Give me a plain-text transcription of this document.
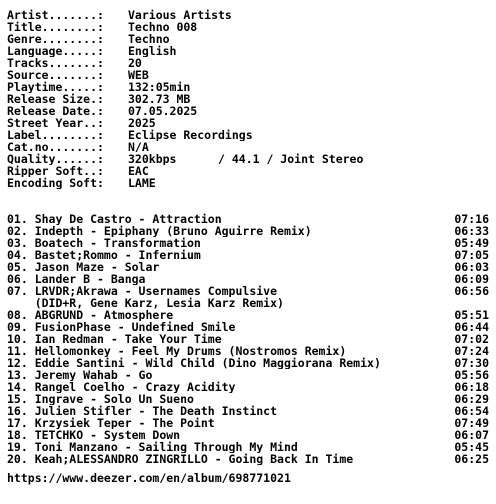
Artist.......: Various Artists
Title........: Techno 008
Genre........: Techno
Language.....: English
Tracks.......: 20
Source.......: WEB
Playtime.....: 132:05min
Release Size.: 302.73 MB
Release Date.: 07.05.2025
Street Year..: 2025
Label........: Eclipse Recordings
Cat.no.......: N/A
Quality......: 320kbps      / 44.1 / Joint Stereo
Ripper Soft..: EAC
Encoding Soft: LAME
01. Shay De Castro - Attraction	07:16
02. Indepth - Epiphany (Bruno Aguirre Remix)	06:33
03. Boatech - Transformation	05:49
04. Bastet;Rommo - Infernium	07:05
05. Jason Maze - Solar	06:03
06. Lander B - Banga	06:09
07. LRVDR;Akrawa - Usernames Compulsive	06:56
(DID+R, Gene Karz, Lesia Karz Remix)
08. ABGRUND - Atmosphere	05:51
09. FusionPhase - Undefined Smile	06:44
10. Ian Redman - Take Your Time	07:02
11. Hellomonkey - Feel My Drums (Nostromos Remix)	07:24
12. Eddie Santini - Wild Child (Dino Maggiorana Remix)	07:30
13. Jeremy Wahab - Go	05:56
14. Rangel Coelho - Crazy Acidity	06:18
15. Ingrave - Solo Un Sueno	06:29
16. Julien Stifler - The Death Instinct	06:54
17. Krzysiek Teper - The Point	07:49
18. TETCHKO - System Down	06:07
19. Toni Manzano - Sailing Through My Mind	05:45
20. Keah;ALESSANDRO ZINGRILLO - Going Back In Time	06:25
https://www.deezer.com/en/album/698771021
